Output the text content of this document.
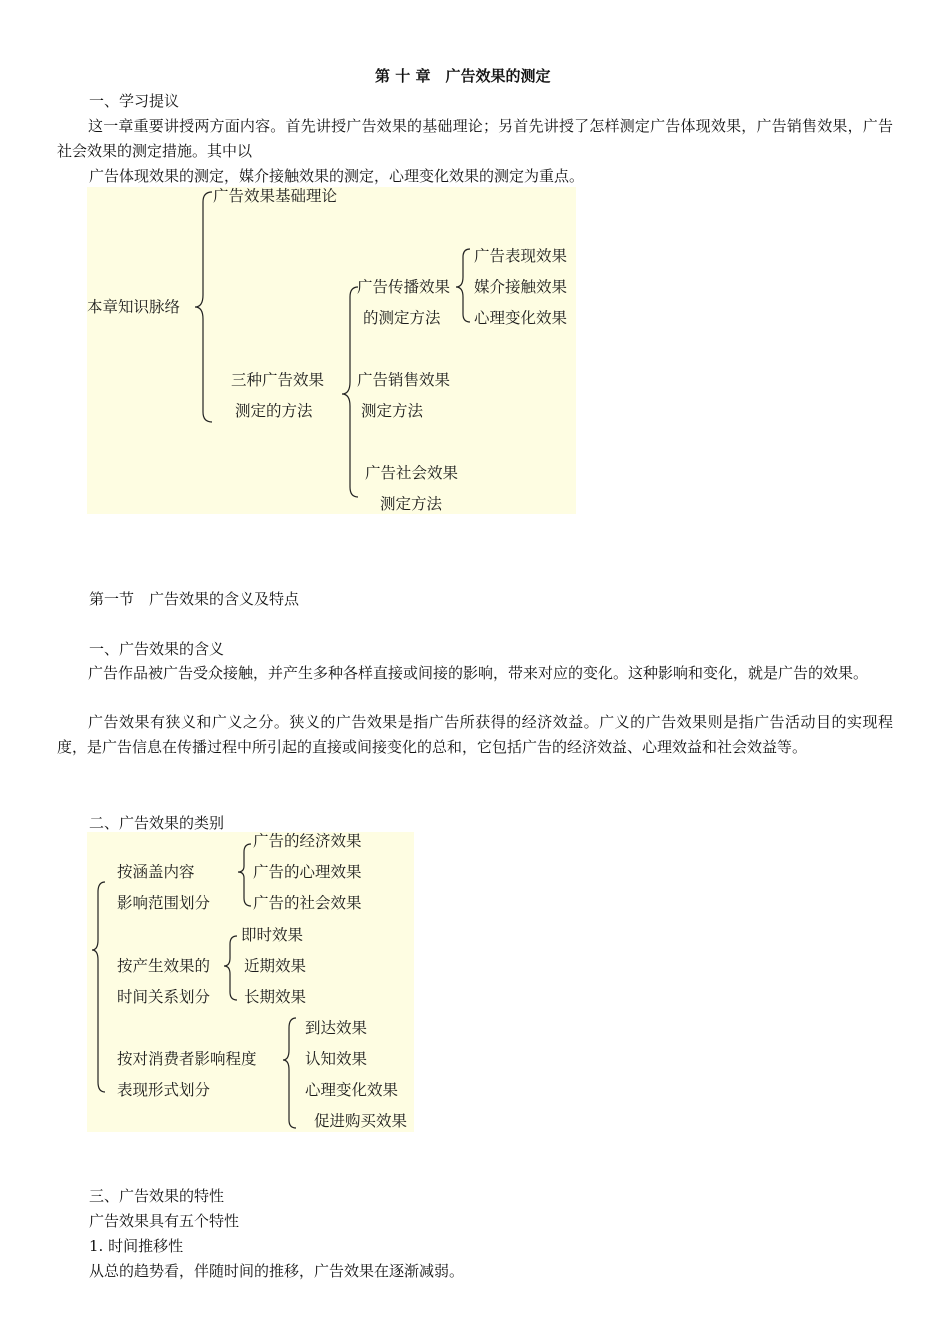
第 十 章　广告效果的测定
一、学习提议
这一章重要讲授两方面内容。首先讲授广告效果的基础理论；另首先讲授了怎样测定广告体现效果，广告销售效果，广告社会效果的测定措施。其中以
广告体现效果的测定，媒介接触效果的测定，心理变化效果的测定为重点。
广告效果基础理论
本章知识脉络
三种广告效果
测定的方法
广告传播效果
的测定方法
广告表现效果
媒介接触效果
心理变化效果
广告销售效果
测定方法
广告社会效果
测定方法
第一节　广告效果的含义及特点
一、广告效果的含义
广告作品被广告受众接触，并产生多种各样直接或间接的影响，带来对应的变化。这种影响和变化，就是广告的效果。
广告效果有狭义和广义之分。狭义的广告效果是指广告所获得的经济效益。广义的广告效果则是指广告活动目的实现程度，是广告信息在传播过程中所引起的直接或间接变化的总和，它包括广告的经济效益、心理效益和社会效益等。
二、广告效果的类别
按涵盖内容
影响范围划分
广告的经济效果
广告的心理效果
广告的社会效果
按产生效果的
时间关系划分
即时效果
近期效果
长期效果
按对消费者影响程度
表现形式划分
到达效果
认知效果
心理变化效果
促进购买效果
三、广告效果的特性
广告效果具有五个特性
1. 时间推移性
从总的趋势看，伴随时间的推移，广告效果在逐渐减弱。
